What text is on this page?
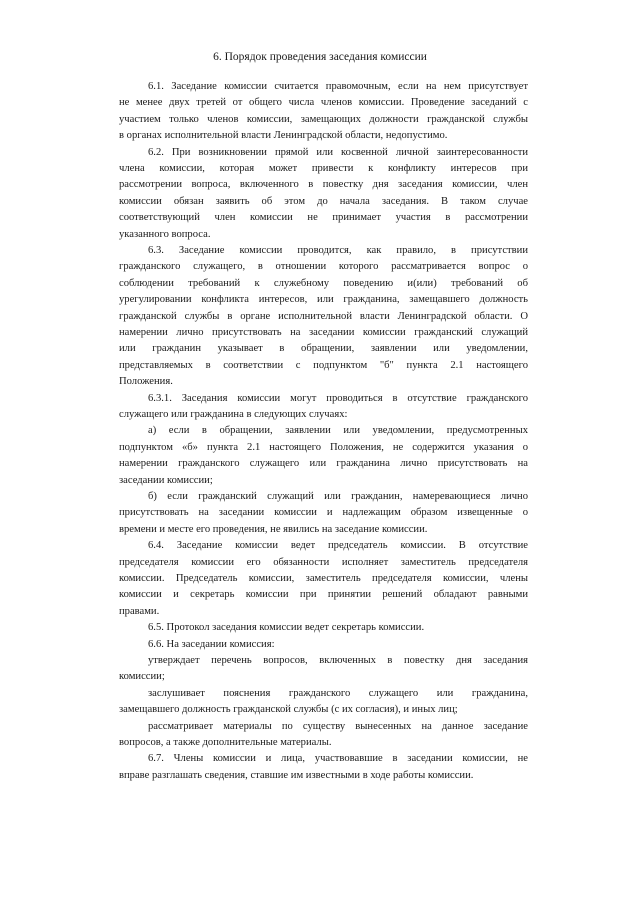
6. Порядок проведения заседания комиссии
6.1. Заседание комиссии считается правомочным, если на нем присутствует
не менее двух третей от общего числа членов комиссии. Проведение заседаний с
участием только членов комиссии, замещающих должности гражданской службы
в органах исполнительной власти Ленинградской области, недопустимо.
6.2. При возникновении прямой или косвенной личной заинтересованности
члена комиссии, которая может привести к конфликту интересов при
рассмотрении вопроса, включенного в повестку дня заседания комиссии, член
комиссии обязан заявить об этом до начала заседания. В таком случае
соответствующий член комиссии не принимает участия в рассмотрении
указанного вопроса.
6.3. Заседание комиссии проводится, как правило, в присутствии
гражданского служащего, в отношении которого рассматривается вопрос о
соблюдении требований к служебному поведению и(или) требований об
урегулировании конфликта интересов, или гражданина, замещавшего должность
гражданской службы в органе исполнительной власти Ленинградской области. О
намерении лично присутствовать на заседании комиссии гражданский служащий
или гражданин указывает в обращении, заявлении или уведомлении,
представляемых в соответствии с подпунктом "б" пункта 2.1 настоящего
Положения.
6.3.1. Заседания комиссии могут проводиться в отсутствие гражданского
служащего или гражданина в следующих случаях:
а) если в обращении, заявлении или уведомлении, предусмотренных
подпунктом «б» пункта 2.1 настоящего Положения, не содержится указания о
намерении гражданского служащего или гражданина лично присутствовать на
заседании комиссии;
б) если гражданский служащий или гражданин, намеревающиеся лично
присутствовать на заседании комиссии и надлежащим образом извещенные о
времени и месте его проведения, не явились на заседание комиссии.
6.4. Заседание комиссии ведет председатель комиссии. В отсутствие
председателя комиссии его обязанности исполняет заместитель председателя
комиссии. Председатель комиссии, заместитель председателя комиссии, члены
комиссии и секретарь комиссии при принятии решений обладают равными
правами.
6.5. Протокол заседания комиссии ведет секретарь комиссии.
6.6. На заседании комиссия:
утверждает перечень вопросов, включенных в повестку дня заседания
комиссии;
заслушивает пояснения гражданского служащего или гражданина,
замещавшего должность гражданской службы (с их согласия), и иных лиц;
рассматривает материалы по существу вынесенных на данное заседание
вопросов, а также дополнительные материалы.
6.7. Члены комиссии и лица, участвовавшие в заседании комиссии, не
вправе разглашать сведения, ставшие им известными в ходе работы комиссии.
